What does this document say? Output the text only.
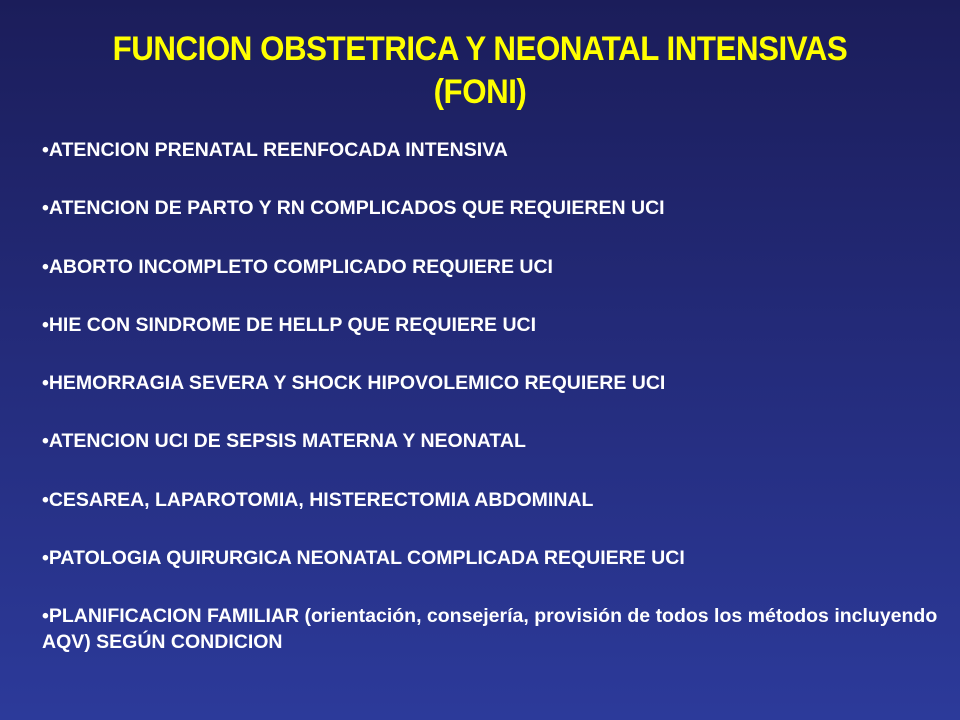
FUNCION OBSTETRICA Y NEONATAL INTENSIVAS
(FONI)
•ATENCION PRENATAL REENFOCADA INTENSIVA
•ATENCION DE PARTO Y RN COMPLICADOS QUE REQUIEREN UCI
•ABORTO INCOMPLETO COMPLICADO REQUIERE UCI
•HIE CON SINDROME DE HELLP QUE REQUIERE UCI
•HEMORRAGIA SEVERA Y SHOCK HIPOVOLEMICO REQUIERE UCI
•ATENCION UCI DE SEPSIS MATERNA Y NEONATAL
•CESAREA, LAPAROTOMIA, HISTERECTOMIA ABDOMINAL
•PATOLOGIA QUIRURGICA NEONATAL COMPLICADA REQUIERE UCI
•PLANIFICACION FAMILIAR (orientación, consejería, provisión de todos los métodos incluyendo AQV) SEGÚN CONDICION
